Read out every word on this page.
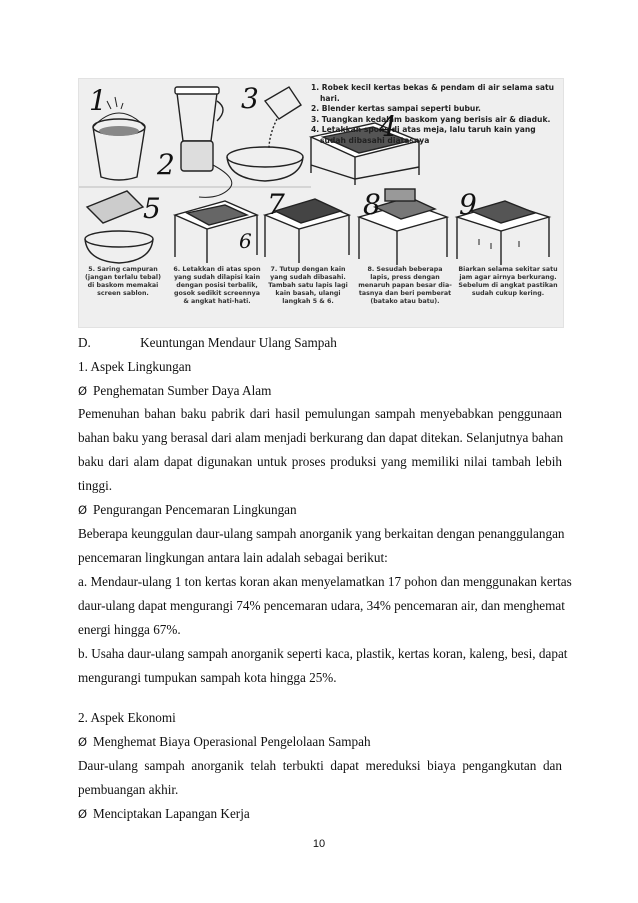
1. Robek kecil kertas bekas & pendam di air selama satu hari.
2. Blender kertas sampai seperti bubur.
3. Tuangkan kedalam baskom yang berisis air & diaduk.
4. Letakkan spons di atas meja, lalu taruh kain yang sudah dibasahi diatasnya
1
2
3
4
5
6
7	8	9
5. Saring campuran (jangan terlalu tebal) di baskom memakai screen sablon.
6. Letakkan di atas spon yang sudah dilapisi kain dengan posisi terbalik, gosok sedikit screennya & angkat hati-hati.
7. Tutup dengan kain yang sudah dibasahi. Tambah satu lapis lagi kain basah, ulangi langkah 5 & 6.
8. Sesudah beberapa lapis, press dengan menaruh papan besar dia-tasnya dan beri pemberat (batako atau batu).
Biarkan selama sekitar satu jam agar airnya berkurang. Sebelum di angkat pastikan sudah cukup kering.
D.	Keuntungan Mendaur Ulang Sampah
1. Aspek Lingkungan
Ø Penghematan Sumber Daya Alam
Pemenuhan bahan baku pabrik dari hasil pemulungan sampah menyebabkan penggunaan
bahan baku yang berasal dari alam menjadi berkurang dan dapat ditekan. Selanjutnya bahan
baku dari alam dapat digunakan untuk proses produksi yang memiliki nilai tambah lebih
tinggi.
Ø Pengurangan Pencemaran Lingkungan
Beberapa keunggulan daur-ulang sampah anorganik yang berkaitan dengan penanggulangan
pencemaran lingkungan antara lain adalah sebagai berikut:
a. Mendaur-ulang 1 ton kertas koran akan menyelamatkan 17 pohon dan menggunakan kertas
daur-ulang dapat mengurangi 74% pencemaran udara, 34% pencemaran air, dan menghemat
energi hingga 67%.
b. Usaha daur-ulang sampah anorganik seperti kaca, plastik, kertas koran, kaleng, besi, dapat
mengurangi tumpukan sampah kota hingga 25%.
2. Aspek Ekonomi
Ø Menghemat Biaya Operasional Pengelolaan Sampah
Daur-ulang sampah anorganik telah terbukti dapat mereduksi biaya pengangkutan dan
pembuangan akhir.
Ø Menciptakan Lapangan Kerja
10
